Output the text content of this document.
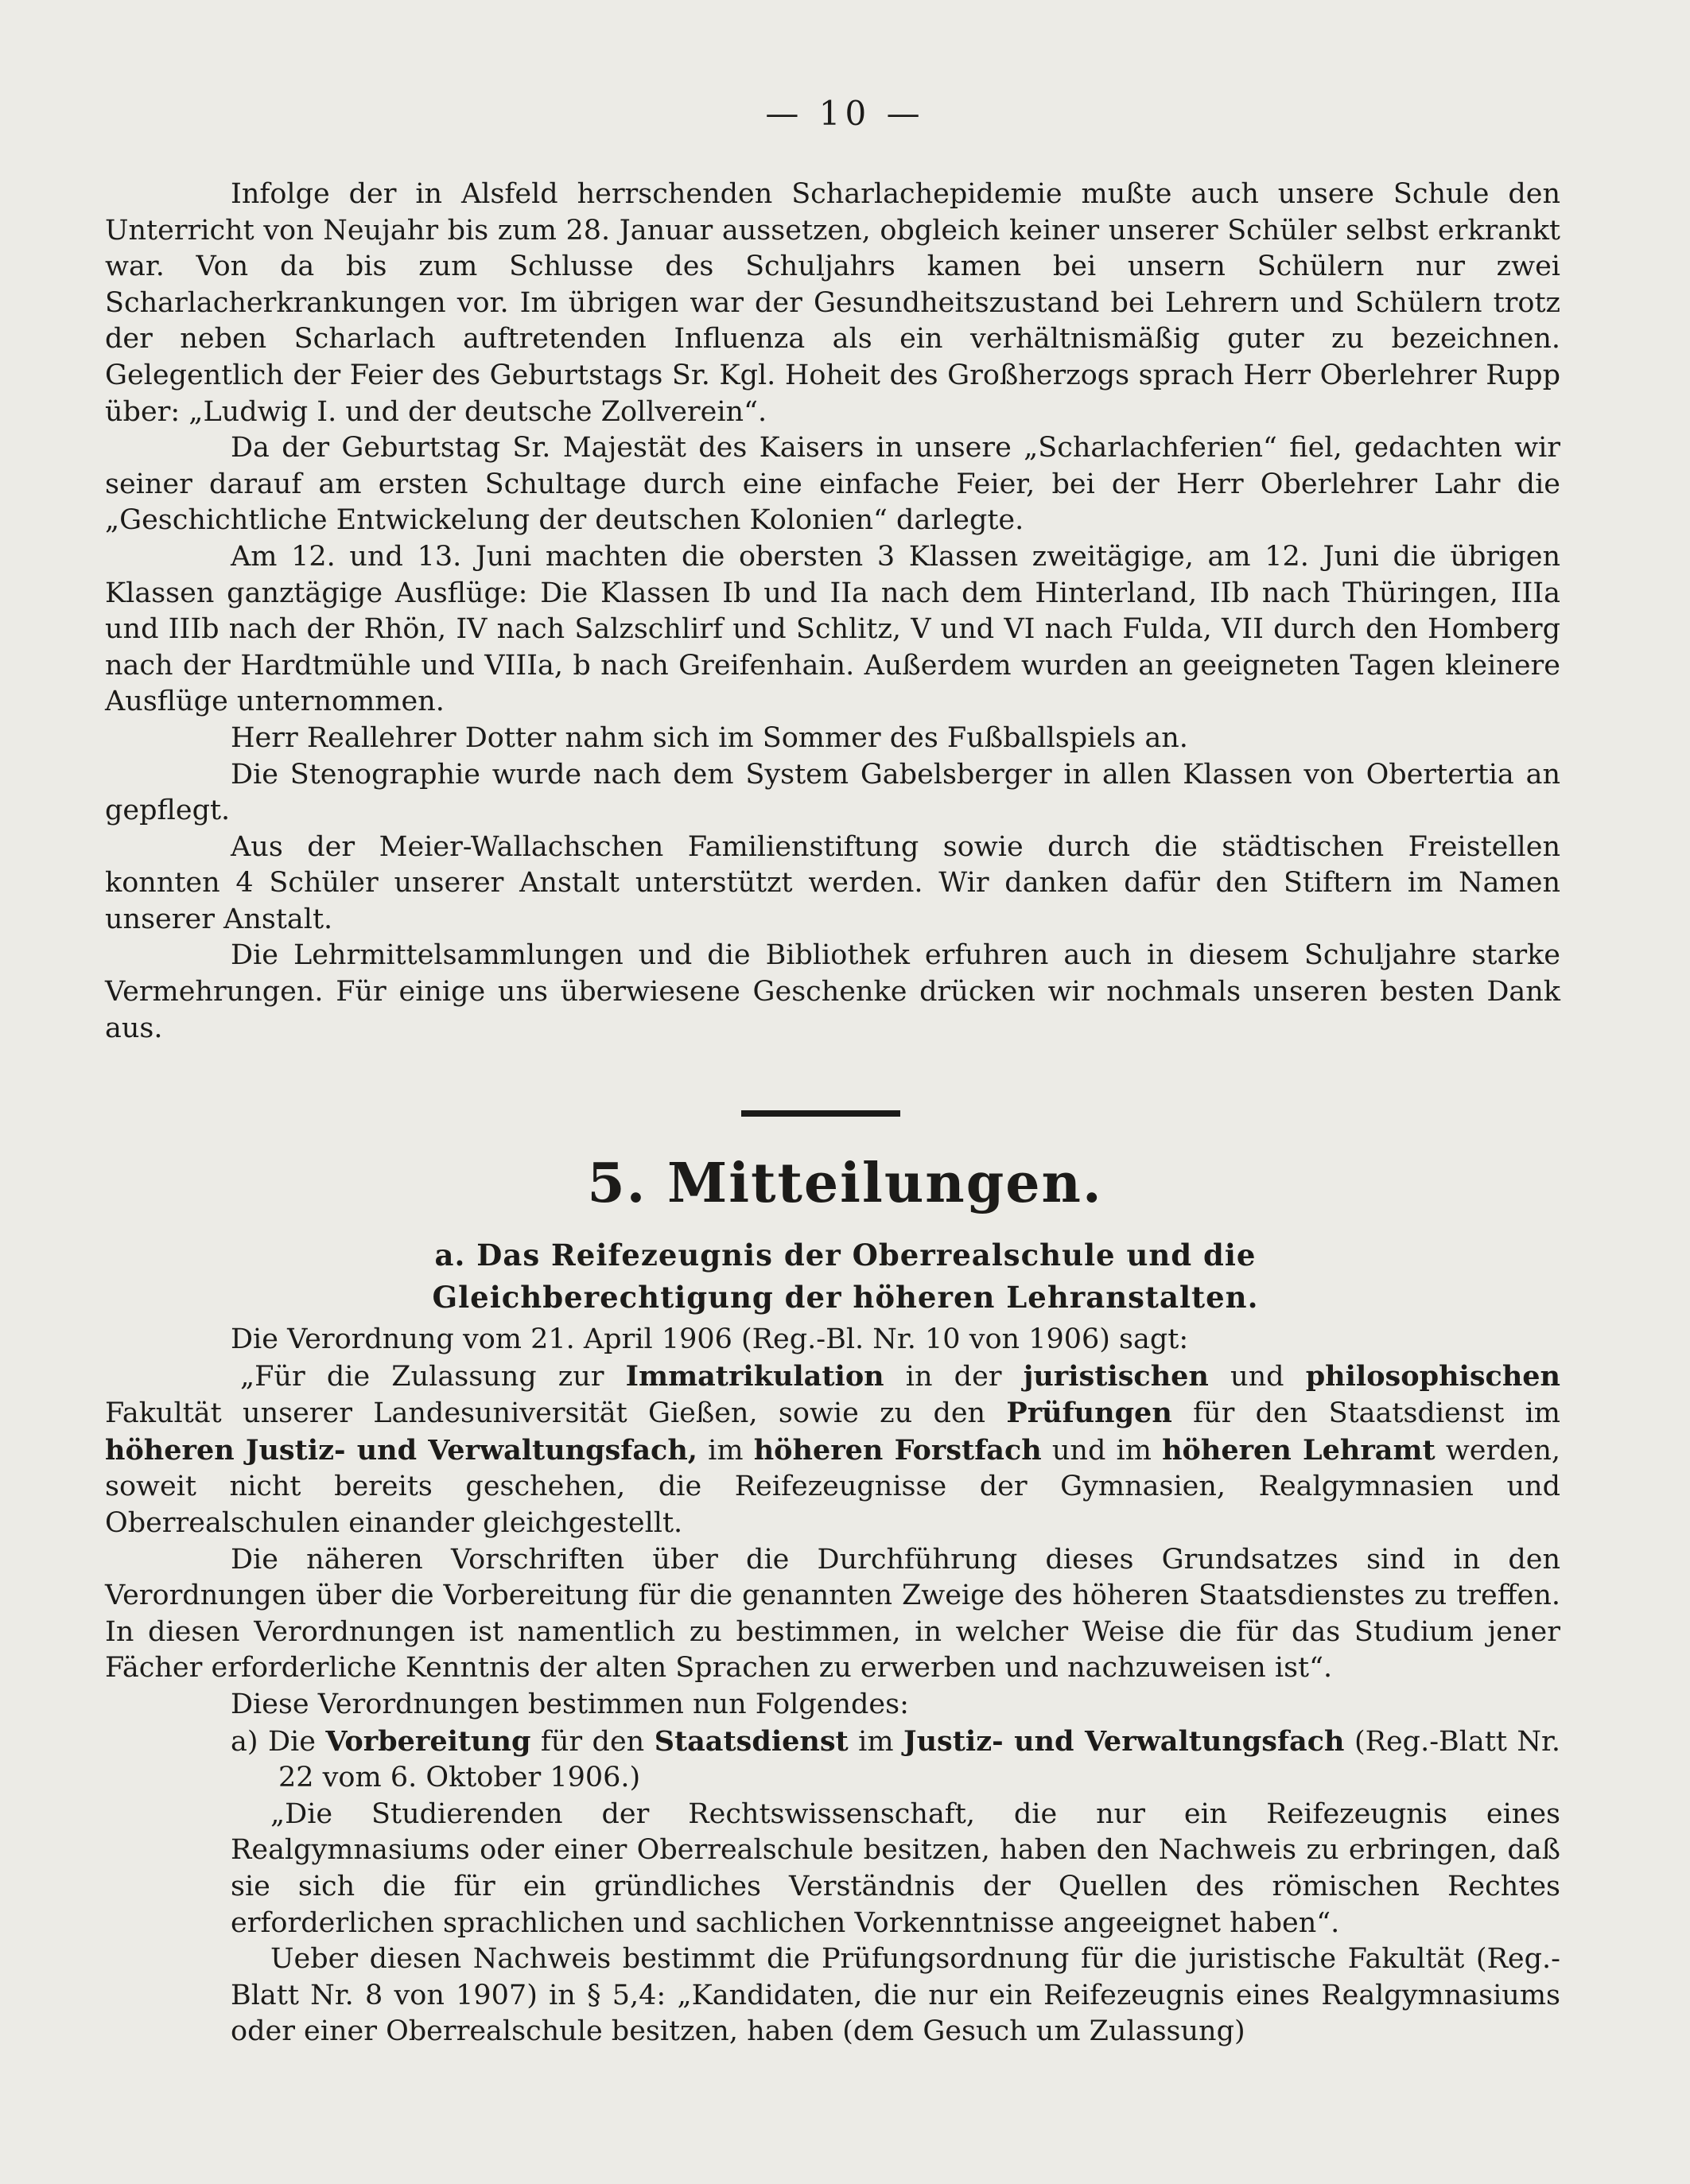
— 10 —

Infolge der in Alsfeld herrschenden Scharlachepidemie mußte auch unsere Schule den Unterricht von Neujahr bis zum 28. Januar aussetzen, obgleich keiner unserer Schüler selbst erkrankt war. Von da bis zum Schlusse des Schuljahrs kamen bei unsern Schülern nur zwei Scharlacherkrankungen vor. Im übrigen war der Gesundheitszustand bei Lehrern und Schülern trotz der neben Scharlach auftretenden Influenza als ein verhältnismäßig guter zu bezeichnen. Gelegentlich der Feier des Geburtstags Sr. Kgl. Hoheit des Großherzogs sprach Herr Oberlehrer Rupp über: „Ludwig I. und der deutsche Zollverein“.

Da der Geburtstag Sr. Majestät des Kaisers in unsere „Scharlachferien“ fiel, gedachten wir seiner darauf am ersten Schultage durch eine einfache Feier, bei der Herr Oberlehrer Lahr die „Geschichtliche Entwickelung der deutschen Kolonien“ darlegte.

Am 12. und 13. Juni machten die obersten 3 Klassen zweitägige, am 12. Juni die übrigen Klassen ganztägige Ausflüge: Die Klassen Ib und IIa nach dem Hinterland, IIb nach Thüringen, IIIa und IIIb nach der Rhön, IV nach Salzschlirf und Schlitz, V und VI nach Fulda, VII durch den Homberg nach der Hardtmühle und VIIIa, b nach Greifenhain. Außerdem wurden an geeigneten Tagen kleinere Ausflüge unternommen.

Herr Reallehrer Dotter nahm sich im Sommer des Fußballspiels an.

Die Stenographie wurde nach dem System Gabelsberger in allen Klassen von Obertertia an gepflegt.

Aus der Meier-Wallachschen Familienstiftung sowie durch die städtischen Freistellen konnten 4 Schüler unserer Anstalt unterstützt werden. Wir danken dafür den Stiftern im Namen unserer Anstalt.

Die Lehrmittelsammlungen und die Bibliothek erfuhren auch in diesem Schuljahre starke Vermehrungen. Für einige uns überwiesene Geschenke drücken wir nochmals unseren besten Dank aus.

5. Mitteilungen.
a. Das Reifezeugnis der Oberrealschule und die Gleichberechtigung der höheren Lehranstalten.

Die Verordnung vom 21. April 1906 (Reg.-Bl. Nr. 10 von 1906) sagt:

„Für die Zulassung zur Immatrikulation in der juristischen und philosophischen Fakultät unserer Landesuniversität Gießen, sowie zu den Prüfungen für den Staatsdienst im höheren Justiz- und Verwaltungsfach, im höheren Forstfach und im höheren Lehramt werden, soweit nicht bereits geschehen, die Reifezeugnisse der Gymnasien, Realgymnasien und Oberrealschulen einander gleichgestellt.

Die näheren Vorschriften über die Durchführung dieses Grundsatzes sind in den Verordnungen über die Vorbereitung für die genannten Zweige des höheren Staatsdienstes zu treffen. In diesen Verordnungen ist namentlich zu bestimmen, in welcher Weise die für das Studium jener Fächer erforderliche Kenntnis der alten Sprachen zu erwerben und nachzuweisen ist“.

Diese Verordnungen bestimmen nun Folgendes:

a) Die Vorbereitung für den Staatsdienst im Justiz- und Verwaltungsfach (Reg.-Blatt Nr. 22 vom 6. Oktober 1906.)

„Die Studierenden der Rechtswissenschaft, die nur ein Reifezeugnis eines Realgymnasiums oder einer Oberrealschule besitzen, haben den Nachweis zu erbringen, daß sie sich die für ein gründliches Verständnis der Quellen des römischen Rechtes erforderlichen sprachlichen und sachlichen Vorkenntnisse angeeignet haben“.

Ueber diesen Nachweis bestimmt die Prüfungsordnung für die juristische Fakultät (Reg.-Blatt Nr. 8 von 1907) in § 5,4: „Kandidaten, die nur ein Reifezeugnis eines Realgymnasiums oder einer Oberrealschule besitzen, haben (dem Gesuch um Zulassung)
